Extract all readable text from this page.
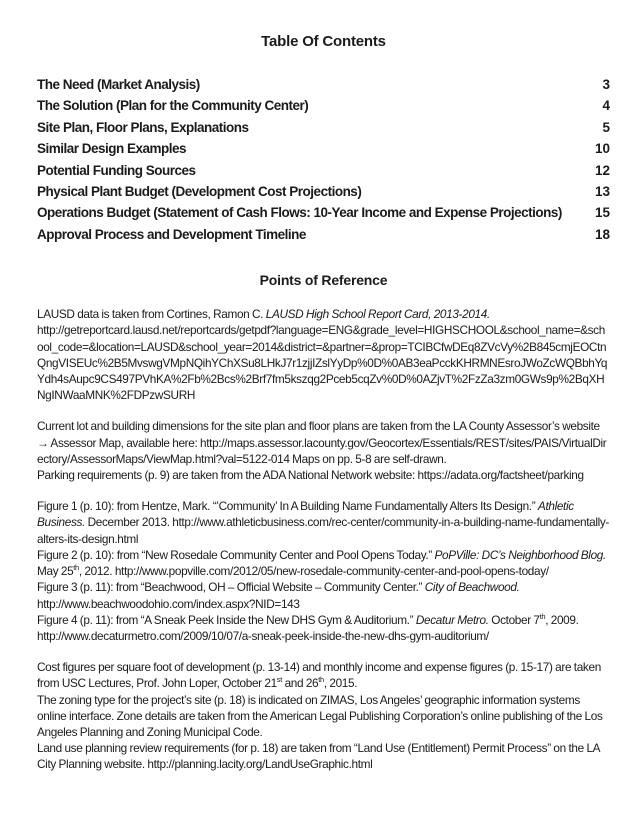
Table Of Contents
The Need (Market Analysis)	3
The Solution (Plan for the Community Center)	4
Site Plan, Floor Plans, Explanations	5
Similar Design Examples	10
Potential Funding Sources	12
Physical Plant Budget (Development Cost Projections)	13
Operations Budget (Statement of Cash Flows: 10-Year Income and Expense Projections)	15
Approval Process and Development Timeline	18
Points of Reference

LAUSD data is taken from Cortines, Ramon C. LAUSD High School Report Card, 2013-2014.
http://getreportcard.lausd.net/reportcards/getpdf?language=ENG&grade_level=HIGHSCHOOL&school_name=&school_code=&location=LAUSD&school_year=2014&district=&partner=&prop=TCIBCfwDEq8ZVcVy%2B845cmjEOCtnQngVISEUc%2B5MvswgVMpNQihYChXSu8LHkJ7r1zjjIZslYyDp%0D%0AB3eaPcckKHRMNEsroJWoZcWQBbhYqYdh4sAupc9CS497PVhKA%2Fb%2Bcs%2Brf7fm5kszqg2Pceb5cqZv%0D%0AZjvT%2FzZa3zm0GWs9p%2BqXHNgINWaaMNK%2FDPzwSURH

Current lot and building dimensions for the site plan and floor plans are taken from the LA County Assessor’s website → Assessor Map, available here: http://maps.assessor.lacounty.gov/Geocortex/Essentials/REST/sites/PAIS/VirtualDirectory/AssessorMaps/ViewMap.html?val=5122-014 Maps on pp. 5-8 are self-drawn.
Parking requirements (p. 9) are taken from the ADA National Network website: https://adata.org/factsheet/parking

Figure 1 (p. 10): from Hentze, Mark. “’Community’ In A Building Name Fundamentally Alters Its Design.” Athletic Business. December 2013. http://www.athleticbusiness.com/rec-center/community-in-a-building-name-fundamentally-alters-its-design.html
Figure 2 (p. 10): from “New Rosedale Community Center and Pool Opens Today.” PoPVille: DC’s Neighborhood Blog. May 25th, 2012. http://www.popville.com/2012/05/new-rosedale-community-center-and-pool-opens-today/
Figure 3 (p. 11): from “Beachwood, OH – Official Website – Community Center.” City of Beachwood. http://www.beachwoodohio.com/index.aspx?NID=143
Figure 4 (p. 11): from “A Sneak Peek Inside the New DHS Gym & Auditorium.” Decatur Metro. October 7th, 2009. http://www.decaturmetro.com/2009/10/07/a-sneak-peek-inside-the-new-dhs-gym-auditorium/

Cost figures per square foot of development (p. 13-14) and monthly income and expense figures (p. 15-17) are taken from USC Lectures, Prof. John Loper, October 21st and 26th, 2015.
The zoning type for the project’s site (p. 18) is indicated on ZIMAS, Los Angeles’ geographic information systems online interface. Zone details are taken from the American Legal Publishing Corporation’s online publishing of the Los Angeles Planning and Zoning Municipal Code.
Land use planning review requirements (for p. 18) are taken from “Land Use (Entitlement) Permit Process” on the LA City Planning website. http://planning.lacity.org/LandUseGraphic.html
